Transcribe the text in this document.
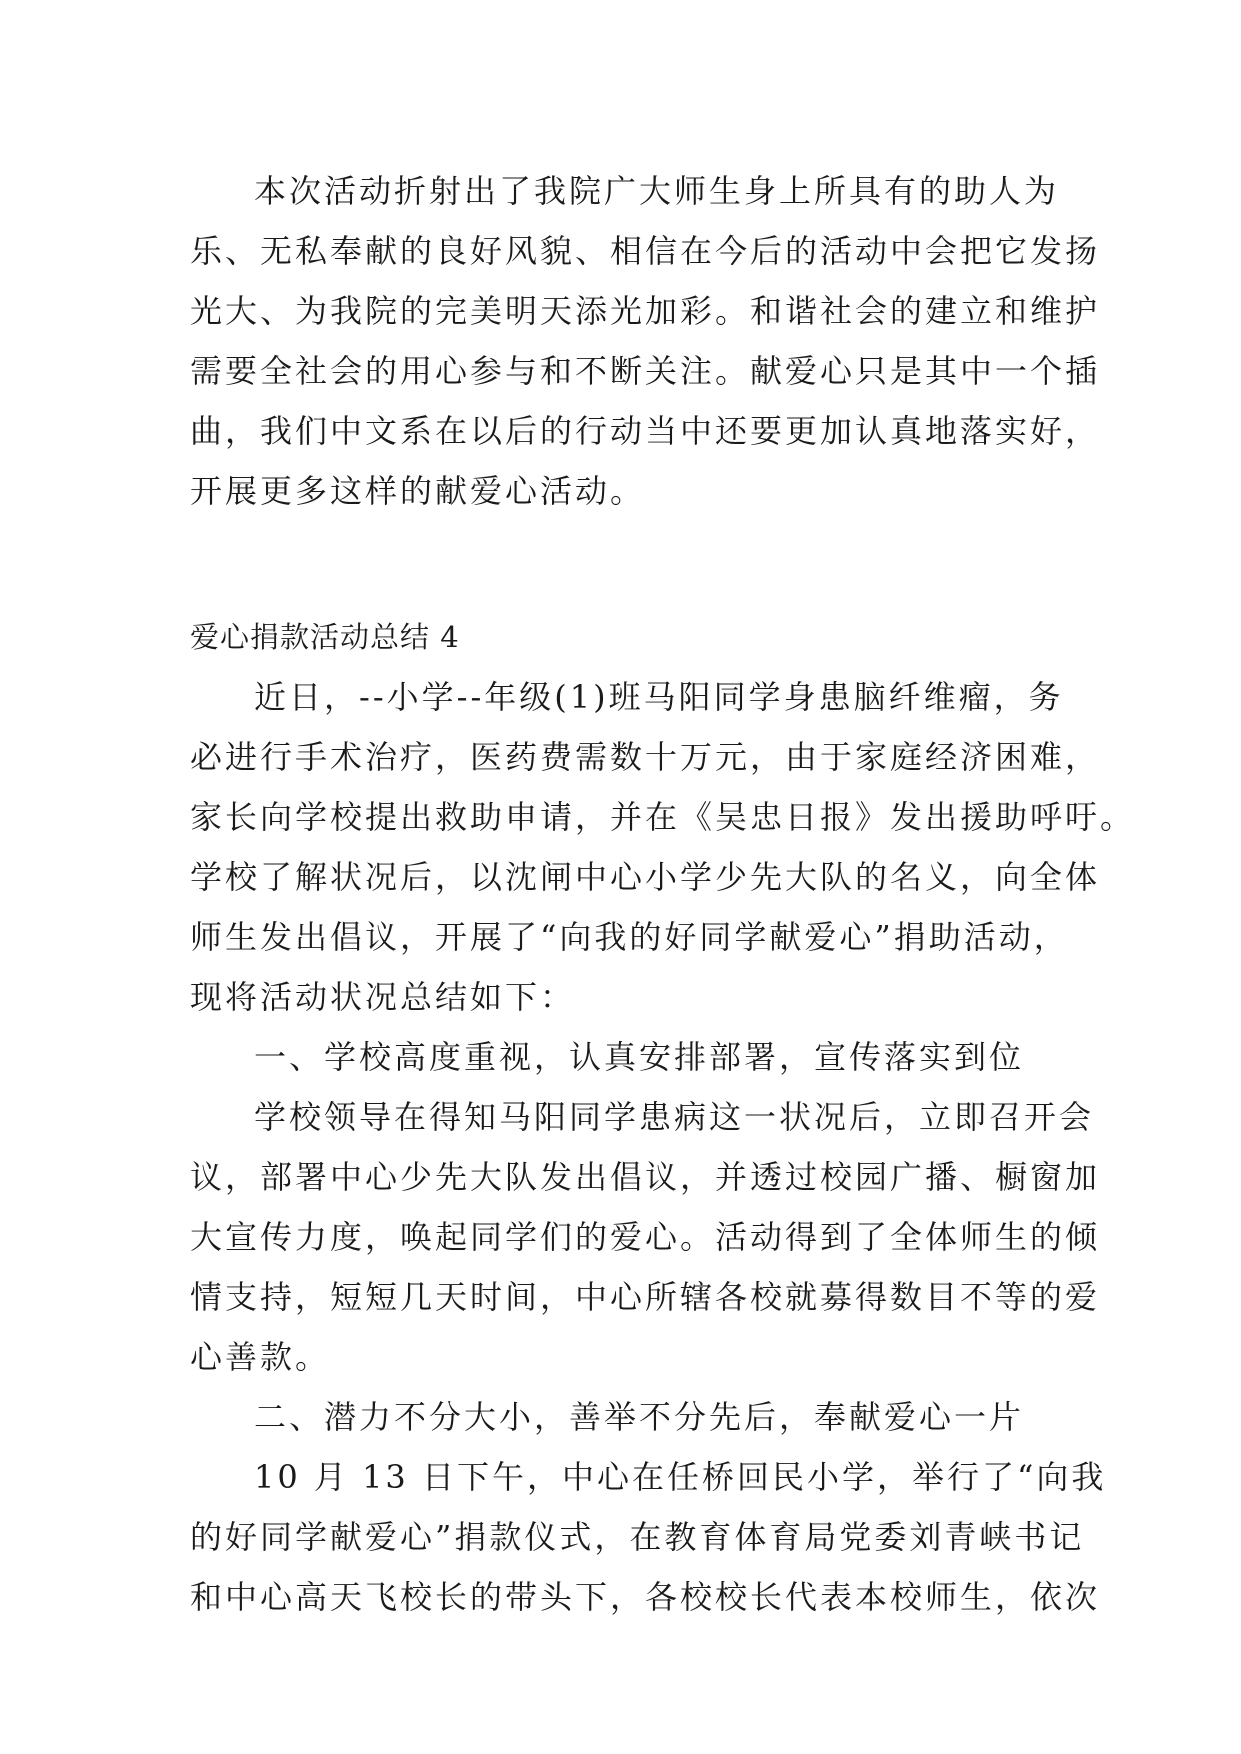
本次活动折射出了我院广大师生身上所具有的助人为
乐、无私奉献的良好风貌、相信在今后的活动中会把它发扬
光大、为我院的完美明天添光加彩。和谐社会的建立和维护
需要全社会的用心参与和不断关注。献爱心只是其中一个插
曲，我们中文系在以后的行动当中还要更加认真地落实好，
开展更多这样的献爱心活动。
爱心捐款活动总结 4
近日，--小学--年级(1)班马阳同学身患脑纤维瘤，务
必进行手术治疗，医药费需数十万元，由于家庭经济困难，
家长向学校提出救助申请，并在《吴忠日报》发出援助呼吁。
学校了解状况后，以沈闸中心小学少先大队的名义，向全体
师生发出倡议，开展了“向我的好同学献爱心”捐助活动，
现将活动状况总结如下：
一、学校高度重视，认真安排部署，宣传落实到位
学校领导在得知马阳同学患病这一状况后，立即召开会
议，部署中心少先大队发出倡议，并透过校园广播、橱窗加
大宣传力度，唤起同学们的爱心。活动得到了全体师生的倾
情支持，短短几天时间，中心所辖各校就募得数目不等的爱
心善款。
二、潜力不分大小，善举不分先后，奉献爱心一片
10 月 13 日下午，中心在任桥回民小学，举行了“向我
的好同学献爱心”捐款仪式，在教育体育局党委刘青峡书记
和中心高天飞校长的带头下，各校校长代表本校师生，依次
